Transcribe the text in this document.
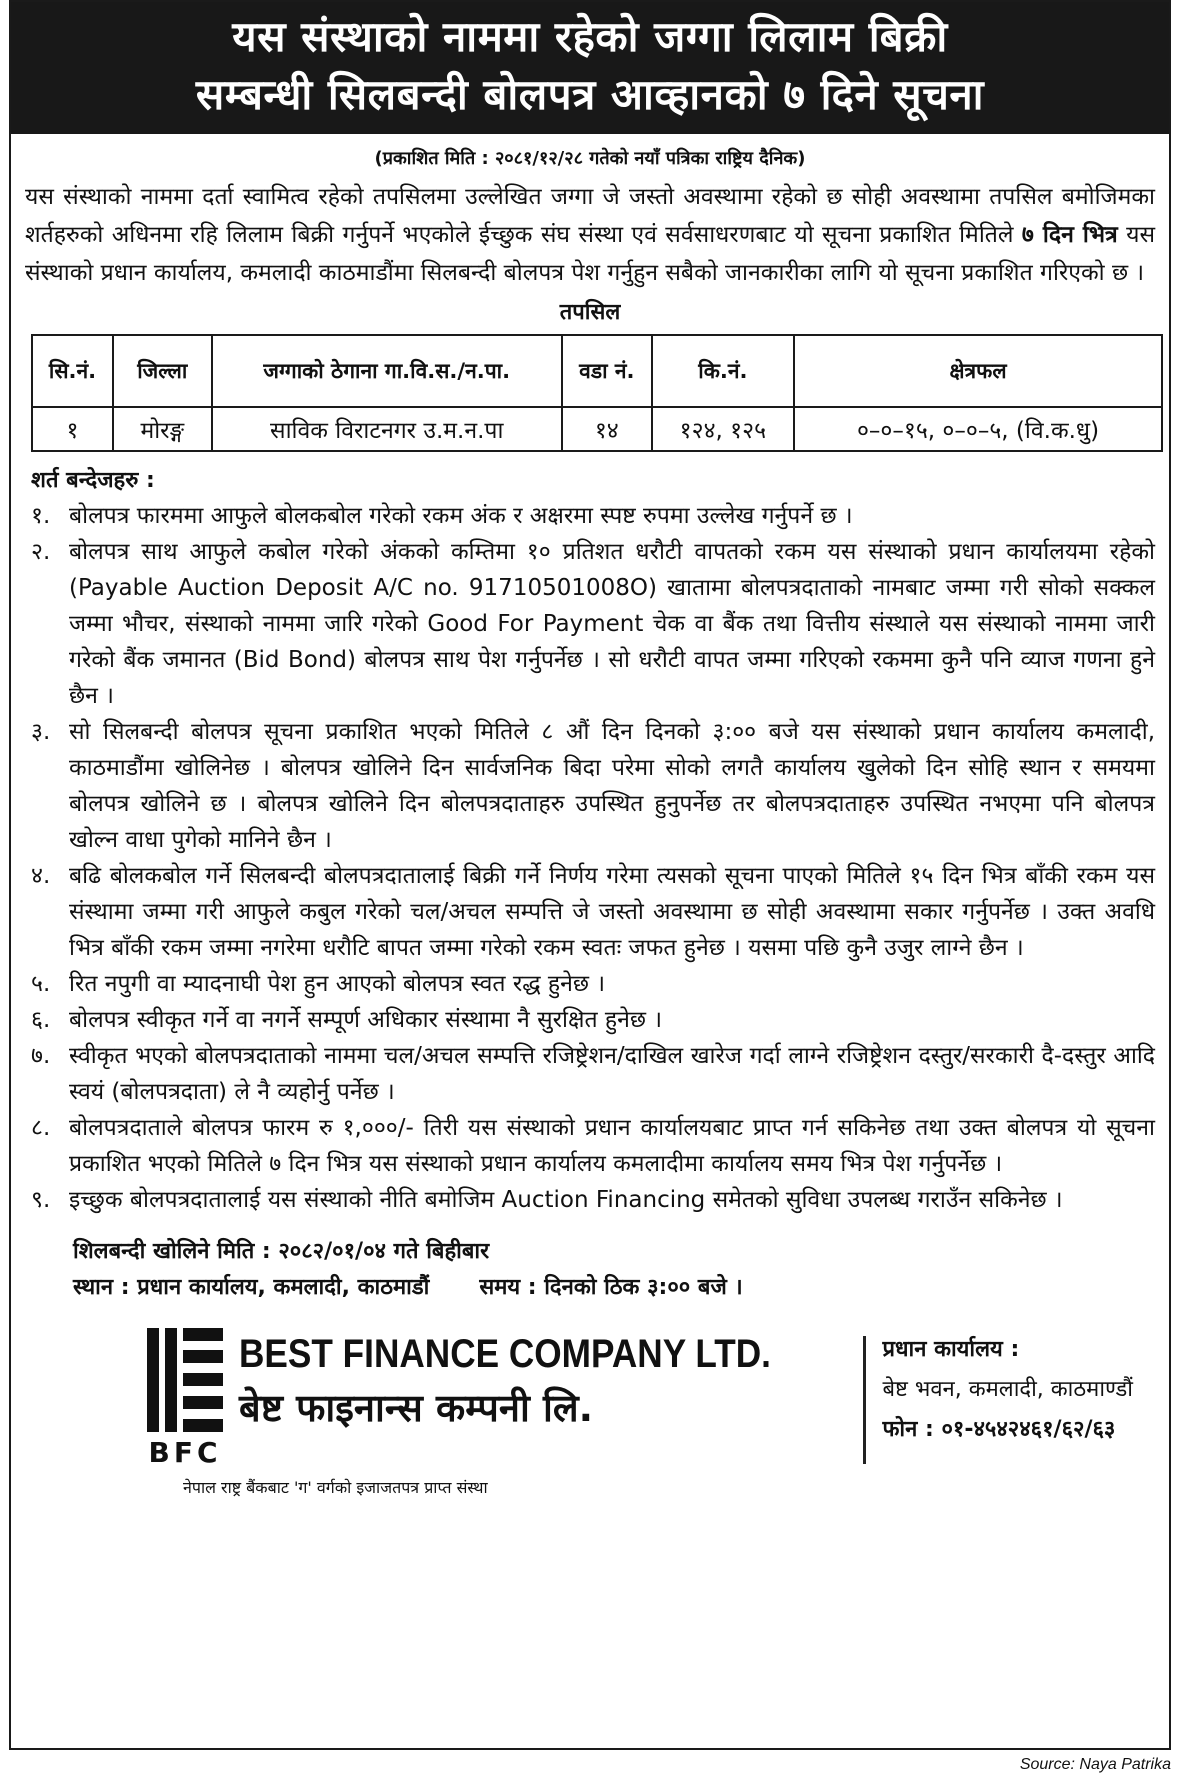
यस संस्थाको नाममा रहेको जग्गा लिलाम बिक्री
सम्बन्धी सिलबन्दी बोलपत्र आव्हानको ७ दिने सूचना
(प्रकाशित मिति : २०८१/१२/२८ गतेको नयाँ पत्रिका राष्ट्रिय दैनिक)

यस संस्थाको नाममा दर्ता स्वामित्व रहेको तपसिलमा उल्लेखित जग्गा जे जस्तो अवस्थामा रहेको छ सोही अवस्थामा तपसिल बमोजिमका शर्तहरुको अधिनमा रहि लिलाम बिक्री गर्नुपर्ने भएकोले ईच्छुक संघ संस्था एवं सर्वसाधरणबाट यो सूचना प्रकाशित मितिले ७ दिन भित्र यस संस्थाको प्रधान कार्यालय, कमलादी काठमाडौंमा सिलबन्दी बोलपत्र पेश गर्नुहुन सबैको जानकारीका लागि यो सूचना प्रकाशित गरिएको छ ।

तपसिल
सि.नं.	जिल्ला	जग्गाको ठेगाना गा.वि.स./न.पा.	वडा नं.	कि.नं.	क्षेत्रफल
१	मोरङ्ग	साविक विराटनगर उ.म.न.पा	१४	१२४, १२५	०–०–१५, ०–०–५, (वि.क.धु)
शर्त बन्देजहरु :
१. बोलपत्र फारममा आफुले बोलकबोल गरेको रकम अंक र अक्षरमा स्पष्ट रुपमा उल्लेख गर्नुपर्ने छ ।
२. बोलपत्र साथ आफुले कबोल गरेको अंकको कम्तिमा १० प्रतिशत धरौटी वापतको रकम यस संस्थाको प्रधान कार्यालयमा रहेको (Payable Auction Deposit A/C no. 91710501008O) खातामा बोलपत्रदाताको नामबाट जम्मा गरी सोको सक्कल जम्मा भौचर, संस्थाको नाममा जारि गरेको Good For Payment चेक वा बैंक तथा वित्तीय संस्थाले यस संस्थाको नाममा जारी गरेको बैंक जमानत (Bid Bond) बोलपत्र साथ पेश गर्नुपर्नेछ । सो धरौटी वापत जम्मा गरिएको रकममा कुनै पनि व्याज गणना हुने छैन ।
३. सो सिलबन्दी बोलपत्र सूचना प्रकाशित भएको मितिले ८ औं दिन दिनको ३:०० बजे यस संस्थाको प्रधान कार्यालय कमलादी, काठमाडौंमा खोलिनेछ । बोलपत्र खोलिने दिन सार्वजनिक बिदा परेमा सोको लगतै कार्यालय खुलेको दिन सोहि स्थान र समयमा बोलपत्र खोलिने छ । बोलपत्र खोलिने दिन बोलपत्रदाताहरु उपस्थित हुनुपर्नेछ तर बोलपत्रदाताहरु उपस्थित नभएमा पनि बोलपत्र खोल्न वाधा पुगेको मानिने छैन ।
४. बढि बोलकबोल गर्ने सिलबन्दी बोलपत्रदातालाई बिक्री गर्ने निर्णय गरेमा त्यसको सूचना पाएको मितिले १५ दिन भित्र बाँकी रकम यस संस्थामा जम्मा गरी आफुले कबुल गरेको चल/अचल सम्पत्ति जे जस्तो अवस्थामा छ सोही अवस्थामा सकार गर्नुपर्नेछ । उक्त अवधि भित्र बाँकी रकम जम्मा नगरेमा धरौटि बापत जम्मा गरेको रकम स्वतः जफत हुनेछ । यसमा पछि कुनै उजुर लाग्ने छैन ।
५. रित नपुगी वा म्यादनाघी पेश हुन आएको बोलपत्र स्वत रद्ध हुनेछ ।
६. बोलपत्र स्वीकृत गर्ने वा नगर्ने सम्पूर्ण अधिकार संस्थामा नै सुरक्षित हुनेछ ।
७. स्वीकृत भएको बोलपत्रदाताको नाममा चल/अचल सम्पत्ति रजिष्ट्रेशन/दाखिल खारेज गर्दा लाग्ने रजिष्ट्रेशन दस्तुर/सरकारी दै-दस्तुर आदि स्वयं (बोलपत्रदाता) ले नै व्यहोर्नु पर्नेछ ।
८. बोलपत्रदाताले बोलपत्र फारम रु १,०००/- तिरी यस संस्थाको प्रधान कार्यालयबाट प्राप्त गर्न सकिनेछ तथा उक्त बोलपत्र यो सूचना प्रकाशित भएको मितिले ७ दिन भित्र यस संस्थाको प्रधान कार्यालय कमलादीमा कार्यालय समय भित्र पेश गर्नुपर्नेछ ।
९. इच्छुक बोलपत्रदातालाई यस संस्थाको नीति बमोजिम Auction Financing समेतको सुविधा उपलब्ध गराउँन सकिनेछ ।
शिलबन्दी खोलिने मिति : २०८२/०१/०४ गते बिहीबार
स्थान : प्रधान कार्यालय, कमलादी, काठमाडौं समय : दिनको ठिक ३:०० बजे ।
BFC
BEST FINANCE COMPANY LTD.
बेष्ट फाइनान्स कम्पनी लि.
नेपाल राष्ट्र बैंकबाट 'ग' वर्गको इजाजतपत्र प्राप्त संस्था
प्रधान कार्यालय :
बेष्ट भवन, कमलादी, काठमाण्डौं
फोन : ०१-४५४२४६१/६२/६३
Source: Naya Patrika
